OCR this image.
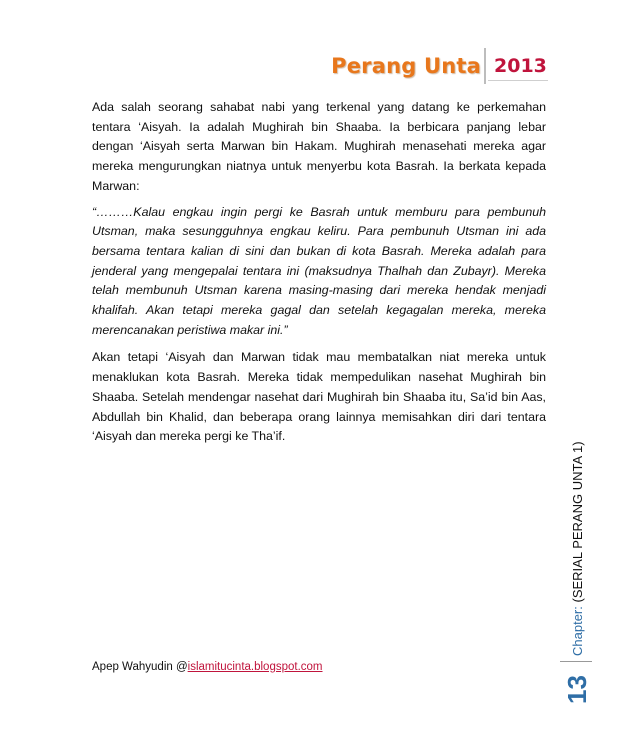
Perang Unta 2013

Ada salah seorang sahabat nabi yang terkenal yang datang ke perkemahan tentara ‘Aisyah. Ia adalah Mughirah bin Shaaba. Ia berbicara panjang lebar dengan ‘Aisyah serta Marwan bin Hakam. Mughirah menasehati mereka agar mereka mengurungkan niatnya untuk menyerbu kota Basrah. Ia berkata kepada Marwan:

“………Kalau engkau ingin pergi ke Basrah untuk memburu para pembunuh Utsman, maka sesungguhnya engkau keliru. Para pembunuh Utsman ini ada bersama tentara kalian di sini dan bukan di kota Basrah. Mereka adalah para jenderal yang mengepalai tentara ini (maksudnya Thalhah dan Zubayr). Mereka telah membunuh Utsman karena masing-masing dari mereka hendak menjadi khalifah. Akan tetapi mereka gagal dan setelah kegagalan mereka, mereka merencanakan peristiwa makar ini.”

Akan tetapi ‘Aisyah dan Marwan tidak mau membatalkan niat mereka untuk menaklukan kota Basrah. Mereka tidak mempedulikan nasehat Mughirah bin Shaaba. Setelah mendengar nasehat dari Mughirah bin Shaaba itu, Sa’id bin Aas, Abdullah bin Khalid, dan beberapa orang lainnya memisahkan diri dari tentara ‘Aisyah dan mereka pergi ke Tha’if.

Chapter: (SERIAL PERANG UNTA 1)
13
Apep Wahyudin @islamitucinta.blogspot.com
